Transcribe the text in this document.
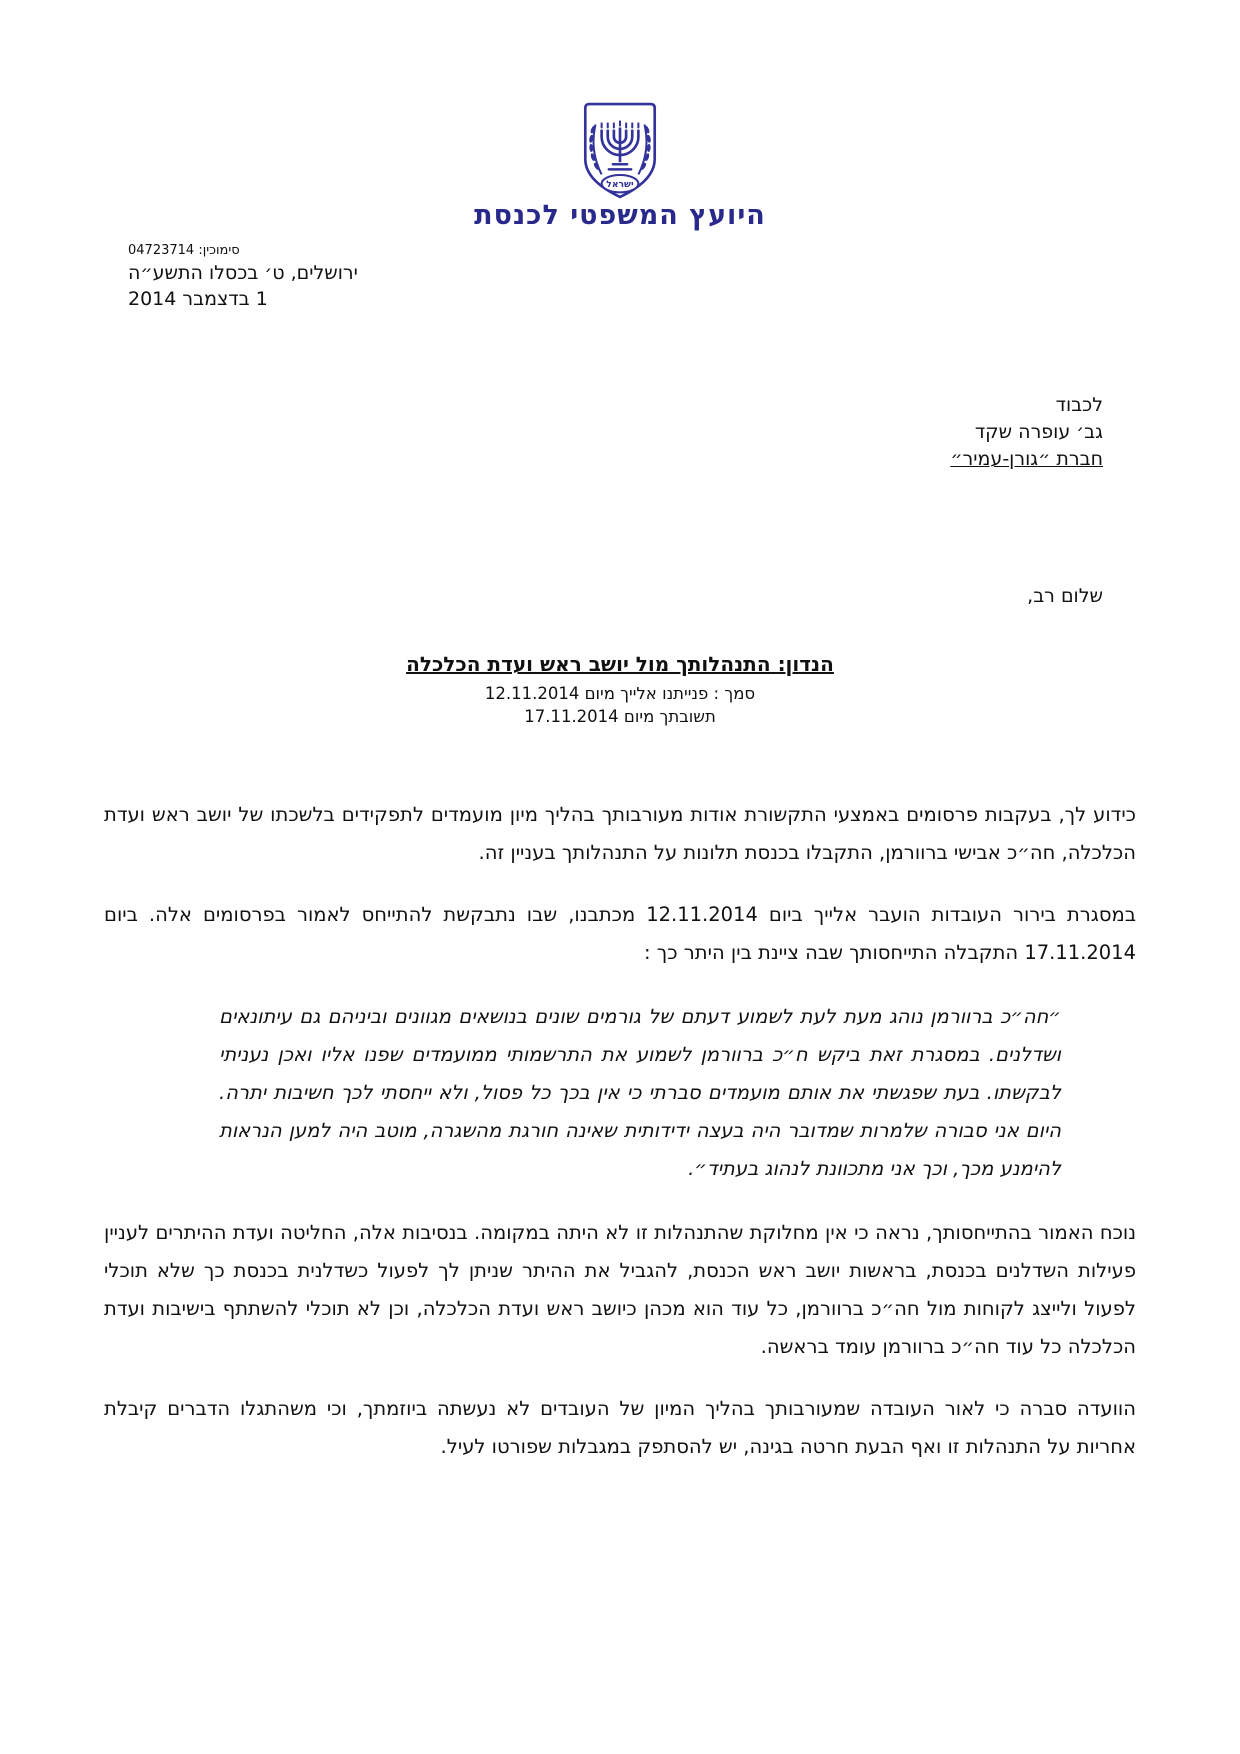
ישראל
היועץ המשפטי לכנסת
סימוכין: 04723714
ירושלים, ט׳ בכסלו התשע״ה
1 בדצמבר 2014
לכבוד
גב׳ עופרה שקד
חברת ״גורן-עמיר״
שלום רב,
הנדון: התנהלותך מול יושב ראש ועדת הכלכלה
סמך : פנייתנו אלייך מיום 12.11.2014
תשובתך מיום 17.11.2014

כידוע לך, בעקבות פרסומים באמצעי התקשורת אודות מעורבותך בהליך מיון מועמדים לתפקידים בלשכתו של יושב ראש ועדת הכלכלה, חה״כ אבישי ברוורמן, התקבלו בכנסת תלונות על התנהלותך בעניין זה.

במסגרת בירור העובדות הועבר אלייך ביום 12.11.2014 מכתבנו, שבו נתבקשת להתייחס לאמור בפרסומים אלה. ביום 17.11.2014 התקבלה התייחסותך שבה ציינת בין היתר כך :

״חה״כ ברוורמן נוהג מעת לעת לשמוע דעתם של גורמים שונים בנושאים מגוונים וביניהם גם עיתונאים ושדלנים. במסגרת זאת ביקש ח״כ ברוורמן לשמוע את התרשמותי ממועמדים שפנו אליו ואכן נעניתי לבקשתו. בעת שפגשתי את אותם מועמדים סברתי כי אין בכך כל פסול, ולא ייחסתי לכך חשיבות יתרה. היום אני סבורה שלמרות שמדובר היה בעצה ידידותית שאינה חורגת מהשגרה, מוטב היה למען הנראות להימנע מכך, וכך אני מתכוונת לנהוג בעתיד״.

נוכח האמור בהתייחסותך, נראה כי אין מחלוקת שהתנהלות זו לא היתה במקומה. בנסיבות אלה, החליטה ועדת ההיתרים לעניין פעילות השדלנים בכנסת, בראשות יושב ראש הכנסת, להגביל את ההיתר שניתן לך לפעול כשדלנית בכנסת כך שלא תוכלי לפעול ולייצג לקוחות מול חה״כ ברוורמן, כל עוד הוא מכהן כיושב ראש ועדת הכלכלה, וכן לא תוכלי להשתתף בישיבות ועדת הכלכלה כל עוד חה״כ ברוורמן עומד בראשה.

הוועדה סברה כי לאור העובדה שמעורבותך בהליך המיון של העובדים לא נעשתה ביוזמתך, וכי משהתגלו הדברים קיבלת אחריות על התנהלות זו ואף הבעת חרטה בגינה, יש להסתפק במגבלות שפורטו לעיל.
